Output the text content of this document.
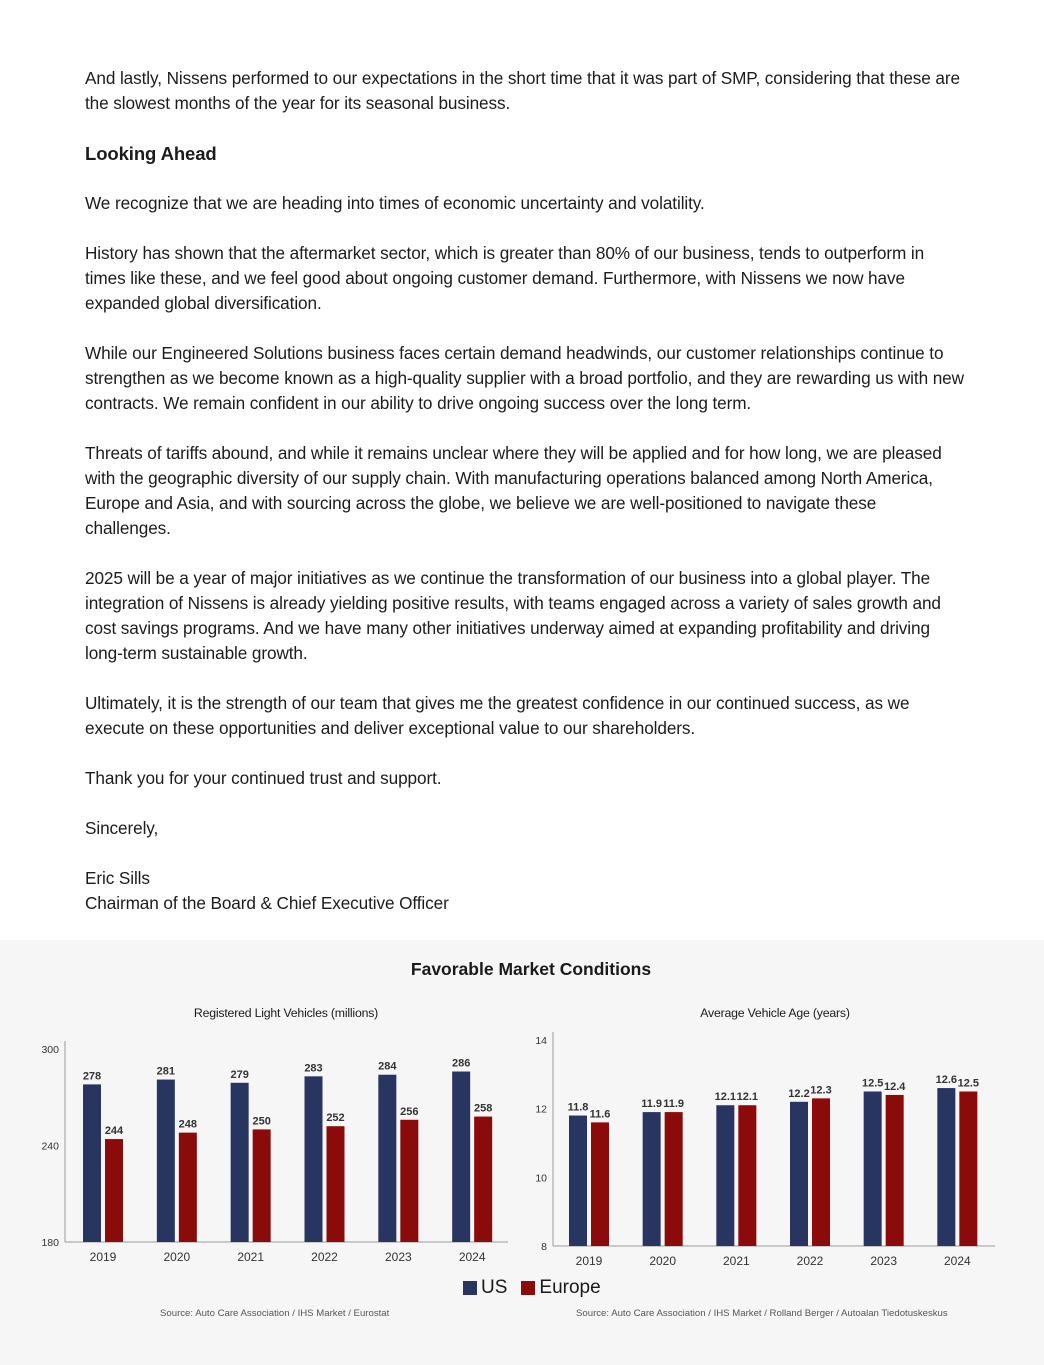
And lastly, Nissens performed to our expectations in the short time that it was part of SMP, considering that these are the slowest months of the year for its seasonal business.

Looking Ahead

We recognize that we are heading into times of economic uncertainty and volatility.

History has shown that the aftermarket sector, which is greater than 80% of our business, tends to outperform in times like these, and we feel good about ongoing customer demand. Furthermore, with Nissens we now have expanded global diversification.

While our Engineered Solutions business faces certain demand headwinds, our customer relationships continue to strengthen as we become known as a high-quality supplier with a broad portfolio, and they are rewarding us with new contracts. We remain confident in our ability to drive ongoing success over the long term.

Threats of tariffs abound, and while it remains unclear where they will be applied and for how long, we are pleased with the geographic diversity of our supply chain. With manufacturing operations balanced among North America, Europe and Asia, and with sourcing across the globe, we believe we are well-positioned to navigate these challenges.

2025 will be a year of major initiatives as we continue the transformation of our business into a global player. The integration of Nissens is already yielding positive results, with teams engaged across a variety of sales growth and cost savings programs. And we have many other initiatives underway aimed at expanding profitability and driving long-term sustainable growth.

Ultimately, it is the strength of our team that gives me the greatest confidence in our continued success, as we execute on these opportunities and deliver exceptional value to our shareholders.

Thank you for your continued trust and support.

Sincerely,

Eric Sills

Chairman of the Board & Chief Executive Officer

Favorable Market Conditions
Registered Light Vehicles (millions)
180
240
300
278
244
2019
281
248
2020
279
250
2021
283
252
2022
284
256
2023
286
258
2024
Average Vehicle Age (years)
8
10
12
14
11.8
11.6
2019
11.9 11.9
2020
12.1 12.1
2021
12.2 12.3
2022
12.5 12.4
2023
12.6 12.5
2024
US Europe
Source: Auto Care Association / IHS Market / Eurostat	Source: Auto Care Association / IHS Market / Rolland Berger / Autoalan Tiedotuskeskus
